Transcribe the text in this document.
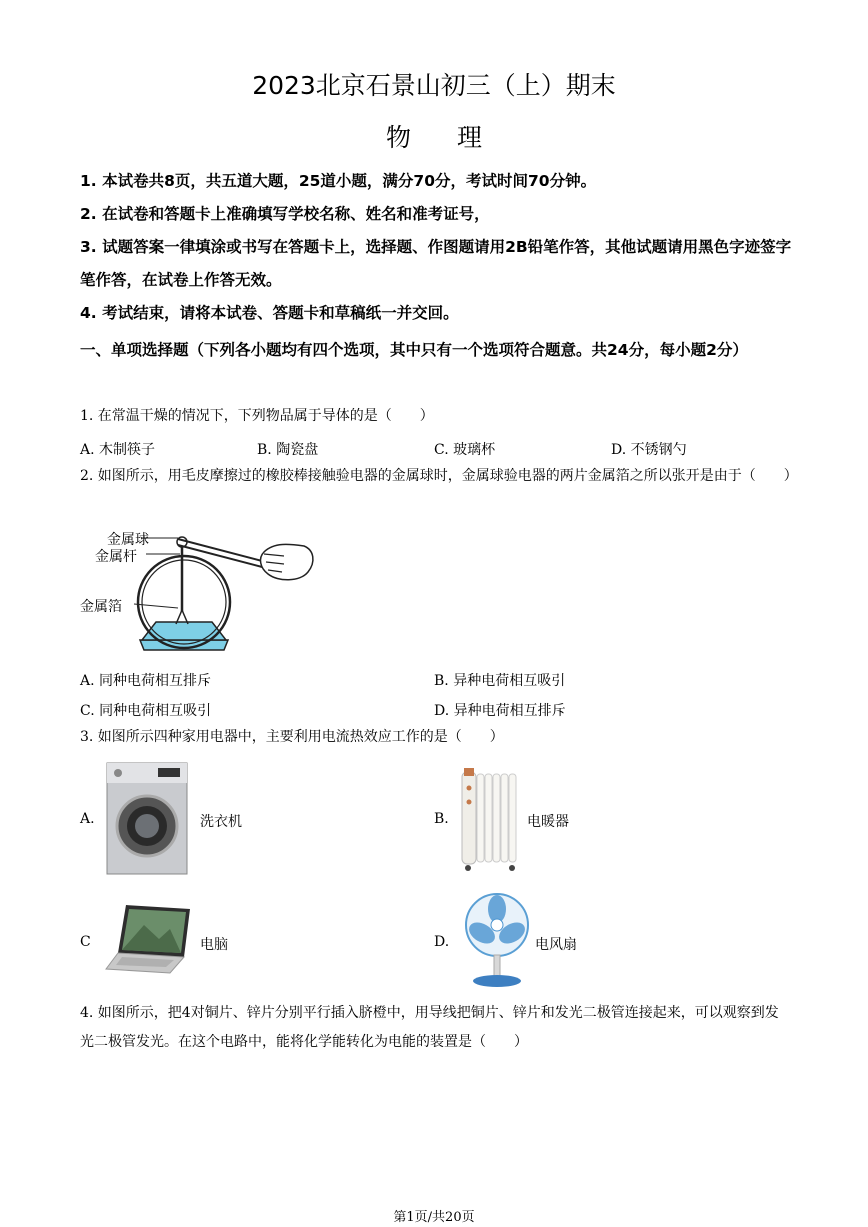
2023北京石景山初三（上）期末
物理
1. 本试卷共8页，共五道大题，25道小题，满分70分，考试时间70分钟。
2. 在试卷和答题卡上准确填写学校名称、姓名和准考证号，
3. 试题答案一律填涂或书写在答题卡上，选择题、作图题请用2B铅笔作答，其他试题请用黑色字迹签字笔作答，在试卷上作答无效。
4. 考试结束，请将本试卷、答题卡和草稿纸一并交回。
一、单项选择题（下列各小题均有四个选项，其中只有一个选项符合题意。共24分，每小题2分）
1. 在常温干燥的情况下，下列物品属于导体的是（　　）
A. 木制筷子	B. 陶瓷盘	C. 玻璃杯	D. 不锈钢勺
2. 如图所示，用毛皮摩擦过的橡胶棒接触验电器的金属球时，金属球验电器的两片金属箔之所以张开是由于（　　）
金属球
金属杆
金属箔
A. 同种电荷相互排斥	B. 异种电荷相互吸引
C. 同种电荷相互吸引	D. 异种电荷相互排斥
3. 如图所示四种家用电器中，主要利用电流热效应工作的是（　　）
A.	洗衣机	B.	电暖器
C	电脑	D.	电风扇
4. 如图所示，把4对铜片、锌片分别平行插入脐橙中，用导线把铜片、锌片和发光二极管连接起来，可以观察到发光二极管发光。在这个电路中，能将化学能转化为电能的装置是（　　）
第1页/共20页
